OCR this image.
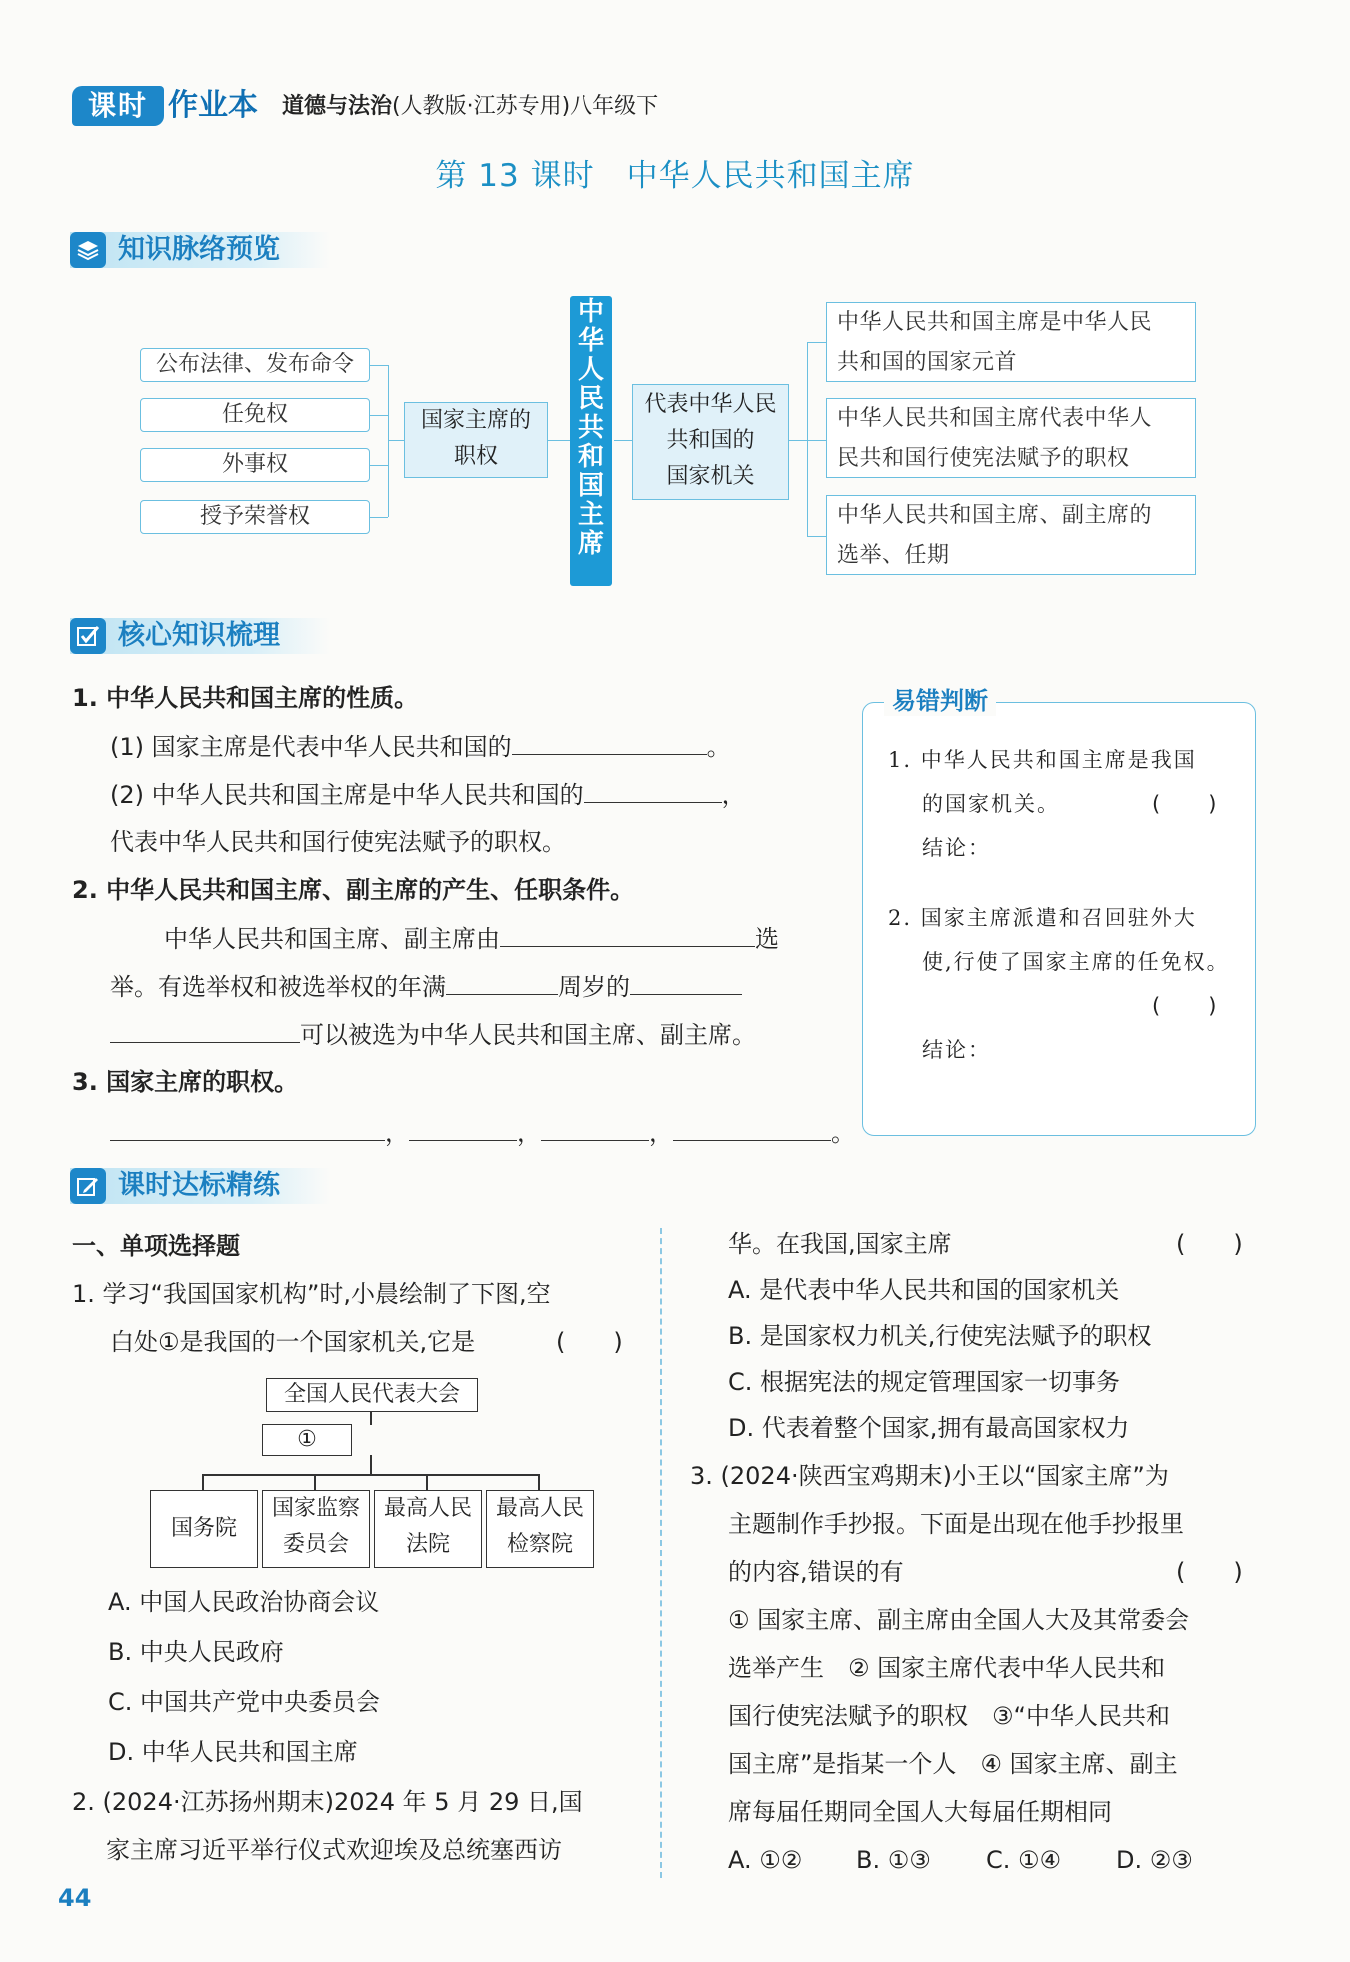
课时 作业本 道德与法治(人教版·江苏专用)八年级下
第 13 课时　中华人民共和国主席
知识脉络预览
公布法律、发布命令
任免权
外事权
授予荣誉权
国家主席的
职权
中华人民共和国主席
代表中华人民
共和国的
国家机关
中华人民共和国主席是中华人民
共和国的国家元首
中华人民共和国主席代表中华人
民共和国行使宪法赋予的职权
中华人民共和国主席、副主席的
选举、任期
核心知识梳理
1. 中华人民共和国主席的性质。
(1) 国家主席是代表中华人民共和国的	。
(2) 中华人民共和国主席是中华人民共和国的	，
代表中华人民共和国行使宪法赋予的职权。
2. 中华人民共和国主席、副主席的产生、任职条件。
中华人民共和国主席、副主席由	选
举。有选举权和被选举权的年满	周岁的
可以被选为中华人民共和国主席、副主席。
3. 国家主席的职权。
，	，	，	。
易错判断
1. 中华人民共和国主席是我国
的国家机关。	(　　)
结论：
2. 国家主席派遣和召回驻外大
使,行使了国家主席的任免权。
(　　)
结论：
课时达标精练
一、单项选择题
1. 学习“我国国家机构”时,小晨绘制了下图,空
白处①是我国的一个国家机关,它是	(　　)
全国人民代表大会
①
国务院
国家监察
委员会
最高人民
法院
最高人民
检察院
A. 中国人民政治协商会议
B. 中央人民政府
C. 中国共产党中央委员会
D. 中华人民共和国主席
2. (2024·江苏扬州期末)2024 年 5 月 29 日,国
家主席习近平举行仪式欢迎埃及总统塞西访
华。在我国,国家主席	(　　)
A. 是代表中华人民共和国的国家机关
B. 是国家权力机关,行使宪法赋予的职权
C. 根据宪法的规定管理国家一切事务
D. 代表着整个国家,拥有最高国家权力
3. (2024·陕西宝鸡期末)小王以“国家主席”为
主题制作手抄报。下面是出现在他手抄报里
的内容,错误的有	(　　)
① 国家主席、副主席由全国人大及其常委会
选举产生　② 国家主席代表中华人民共和
国行使宪法赋予的职权　③“中华人民共和
国主席”是指某一个人　④ 国家主席、副主
席每届任期同全国人大每届任期相同
A. ①② B. ①③ C. ①④ D. ②③
44
